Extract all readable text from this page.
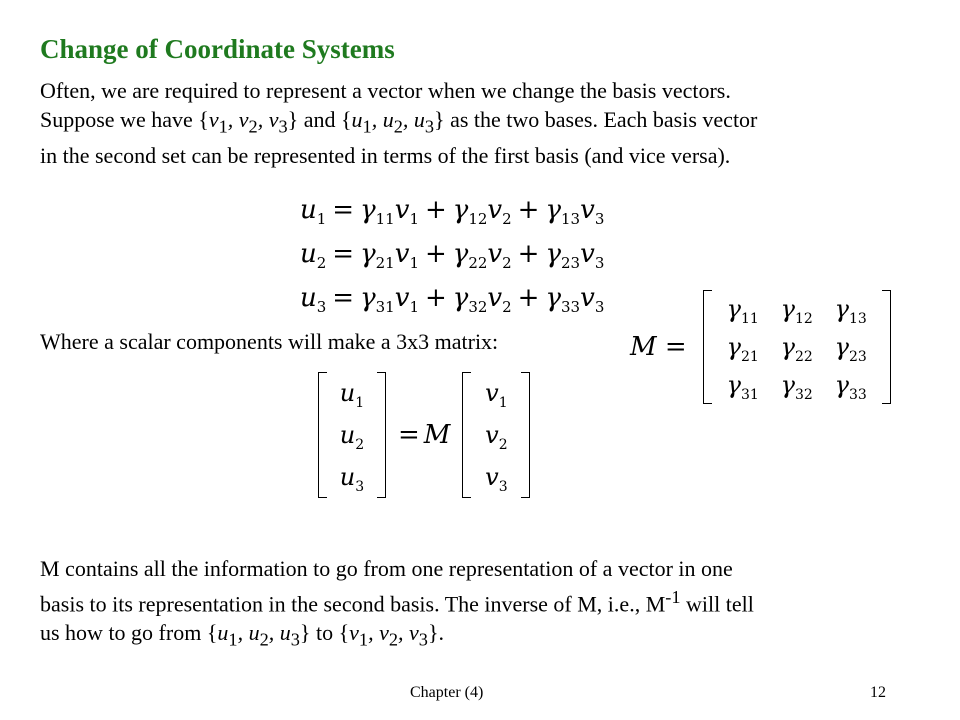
Change of Coordinate Systems
Often, we are required to represent a vector when we change the basis vectors.
Suppose we have {$v_1$, $v_2$, $v_3$} and {$u_1$, $u_2$, $u_3$} as the two bases. Each basis vector
in the second set can be represented in terms of the first basis (and vice versa).
$u_1 = \gamma_{11}v_1 + \gamma_{12}v_2 + \gamma_{13}v_3$
$u_2 = \gamma_{21}v_1 + \gamma_{22}v_2 + \gamma_{23}v_3$
$u_3 = \gamma_{31}v_1 + \gamma_{32}v_2 + \gamma_{33}v_3$

Where a scalar components will make a 3x3 matrix:	M =
$\gamma_{11}$ $\gamma_{12}$ $\gamma_{13}$
$\gamma_{21}$ $\gamma_{22}$ $\gamma_{23}$
$\gamma_{31}$ $\gamma_{32}$ $\gamma_{33}$
$u_1$
$u_2$
$u_3$
= M
$v_1$
$v_2$
$v_3$
M contains all the information to go from one representation of a vector in one
basis to its representation in the second basis. The inverse of M, i.e., $M^{-1}$ will tell
us how to go from {$u_1$, $u_2$, $u_3$} to {$v_1$, $v_2$, $v_3$}.
Chapter (4)	12
